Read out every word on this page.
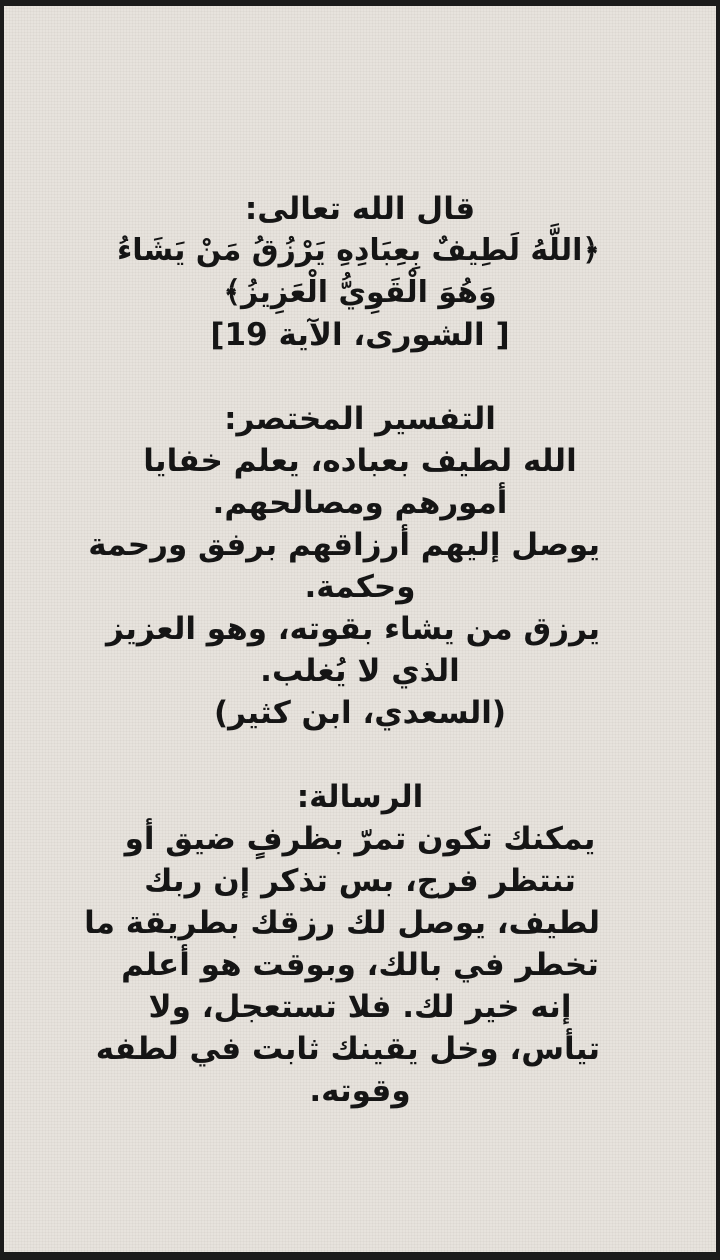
قال الله تعالى:
﴿اللَّهُ لَطِيفٌ بِعِبَادِهِ يَرْزُقُ مَنْ يَشَاءُ
وَهُوَ الْقَوِيُّ الْعَزِيزُ﴾
[ الشورى، الآية 19]
التفسير المختصر:
الله لطيف بعباده، يعلم خفايا
أمورهم ومصالحهم.
يوصل إليهم أرزاقهم برفق ورحمة
وحكمة.
يرزق من يشاء بقوته، وهو العزيز
الذي لا يُغلب.
(السعدي، ابن كثير)
الرسالة:
يمكنك تكون تمرّ بظرفٍ ضيق أو
تنتظر فرج، بس تذكر إن ربك
لطيف، يوصل لك رزقك بطريقة ما
تخطر في بالك، وبوقت هو أعلم
إنه خير لك. فلا تستعجل، ولا
تيأس، وخل يقينك ثابت في لطفه
وقوته.
